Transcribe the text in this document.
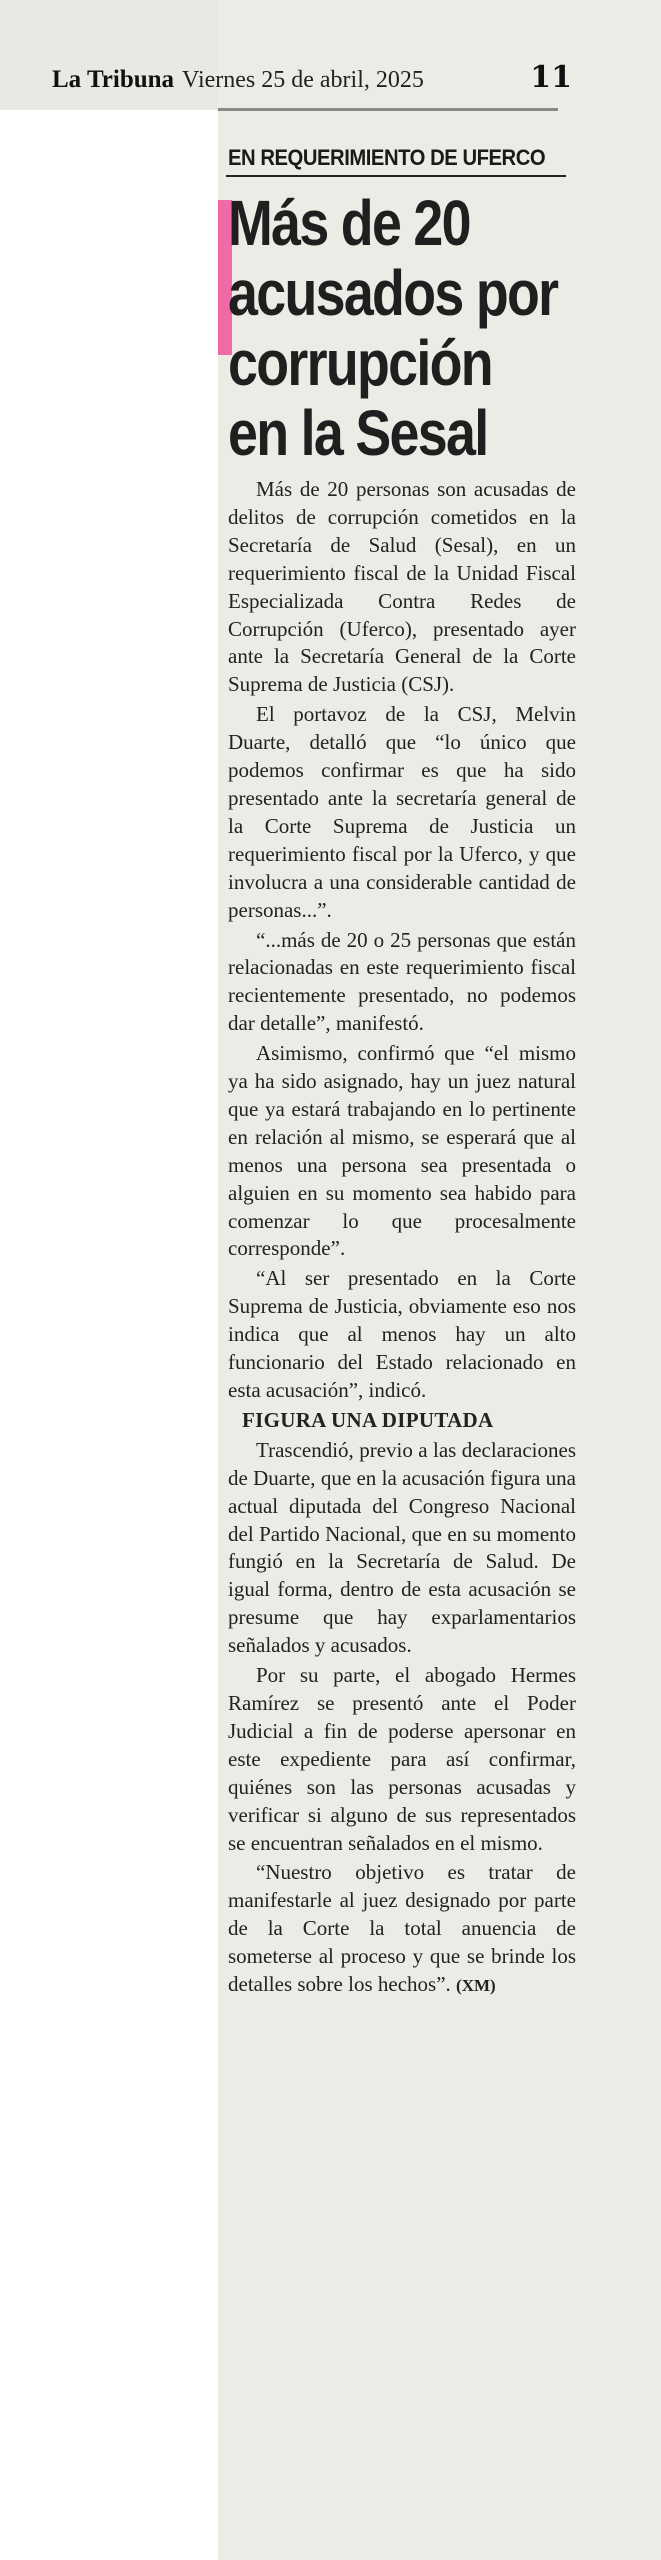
La Tribuna Viernes 25 de abril, 2025	11
EN REQUERIMIENTO DE UFERCO
Más de 20
acusados por
corrupción
en la Sesal

Más de 20 personas son acusadas de delitos de corrupción cometidos en la Secretaría de Salud (Sesal), en un requerimiento fiscal de la Unidad Fiscal Especializada Contra Redes de Corrupción (Uferco), presentado ayer ante la Secretaría General de la Corte Suprema de Justicia (CSJ).

El portavoz de la CSJ, Melvin Duarte, detalló que “lo único que podemos confirmar es que ha sido presentado ante la secretaría general de la Corte Suprema de Justicia un requerimiento fiscal por la Uferco, y que involucra a una considerable cantidad de personas...”.

“...más de 20 o 25 personas que están relacionadas en este requerimiento fiscal recientemente presentado, no podemos dar detalle”, manifestó.

Asimismo, confirmó que “el mismo ya ha sido asignado, hay un juez natural que ya estará trabajando en lo pertinente en relación al mismo, se esperará que al menos una persona sea presentada o alguien en su momento sea habido para comenzar lo que procesalmente corresponde”.

“Al ser presentado en la Corte Suprema de Justicia, obviamente eso nos indica que al menos hay un alto funcionario del Estado relacionado en esta acusación”, indicó.

FIGURA UNA DIPUTADA

Trascendió, previo a las declaraciones de Duarte, que en la acusación figura una actual diputada del Congreso Nacional del Partido Nacional, que en su momento fungió en la Secretaría de Salud. De igual forma, dentro de esta acusación se presume que hay exparlamentarios señalados y acusados.

Por su parte, el abogado Hermes Ramírez se presentó ante el Poder Judicial a fin de poderse apersonar en este expediente para así confirmar, quiénes son las personas acusadas y verificar si alguno de sus representados se encuentran señalados en el mismo.

“Nuestro objetivo es tratar de manifestarle al juez designado por parte de la Corte la total anuencia de someterse al proceso y que se brinde los detalles sobre los hechos”. (XM)
